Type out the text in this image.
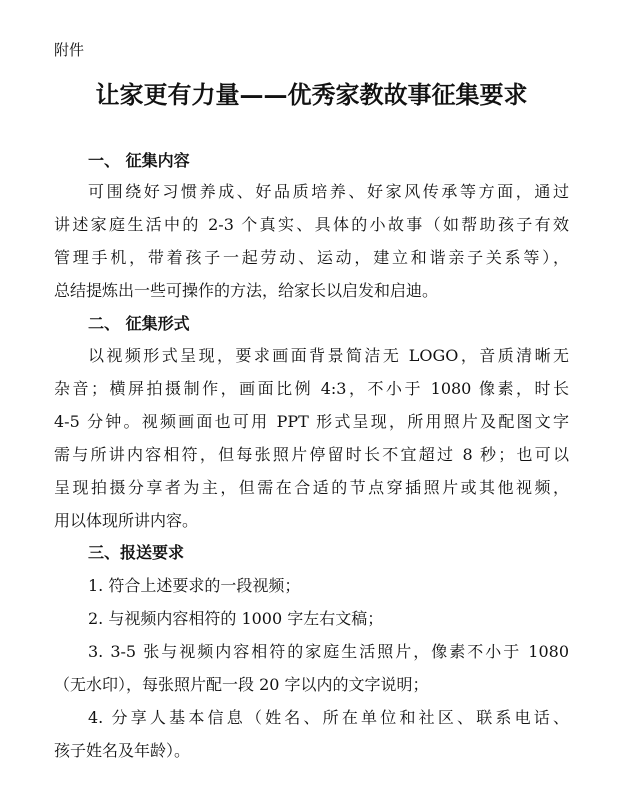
附件
让家更有力量——优秀家教故事征集要求
一、 征集内容
可围绕好习惯养成、好品质培养、好家风传承等方面，通过
讲述家庭生活中的 2-3 个真实、具体的小故事（如帮助孩子有效
管理手机，带着孩子一起劳动、运动，建立和谐亲子关系等），
总结提炼出一些可操作的方法，给家长以启发和启迪。
二、 征集形式
以视频形式呈现，要求画面背景简洁无 LOGO，音质清晰无
杂音；横屏拍摄制作，画面比例 4:3，不小于 1080 像素，时长
4-5 分钟。视频画面也可用 PPT 形式呈现，所用照片及配图文字
需与所讲内容相符，但每张照片停留时长不宜超过 8 秒；也可以
呈现拍摄分享者为主，但需在合适的节点穿插照片或其他视频，
用以体现所讲内容。
三、报送要求
1. 符合上述要求的一段视频；
2. 与视频内容相符的 1000 字左右文稿；
3. 3-5 张与视频内容相符的家庭生活照片，像素不小于 1080
（无水印），每张照片配一段 20 字以内的文字说明；
4. 分享人基本信息（姓名、所在单位和社区、联系电话、
孩子姓名及年龄）。
